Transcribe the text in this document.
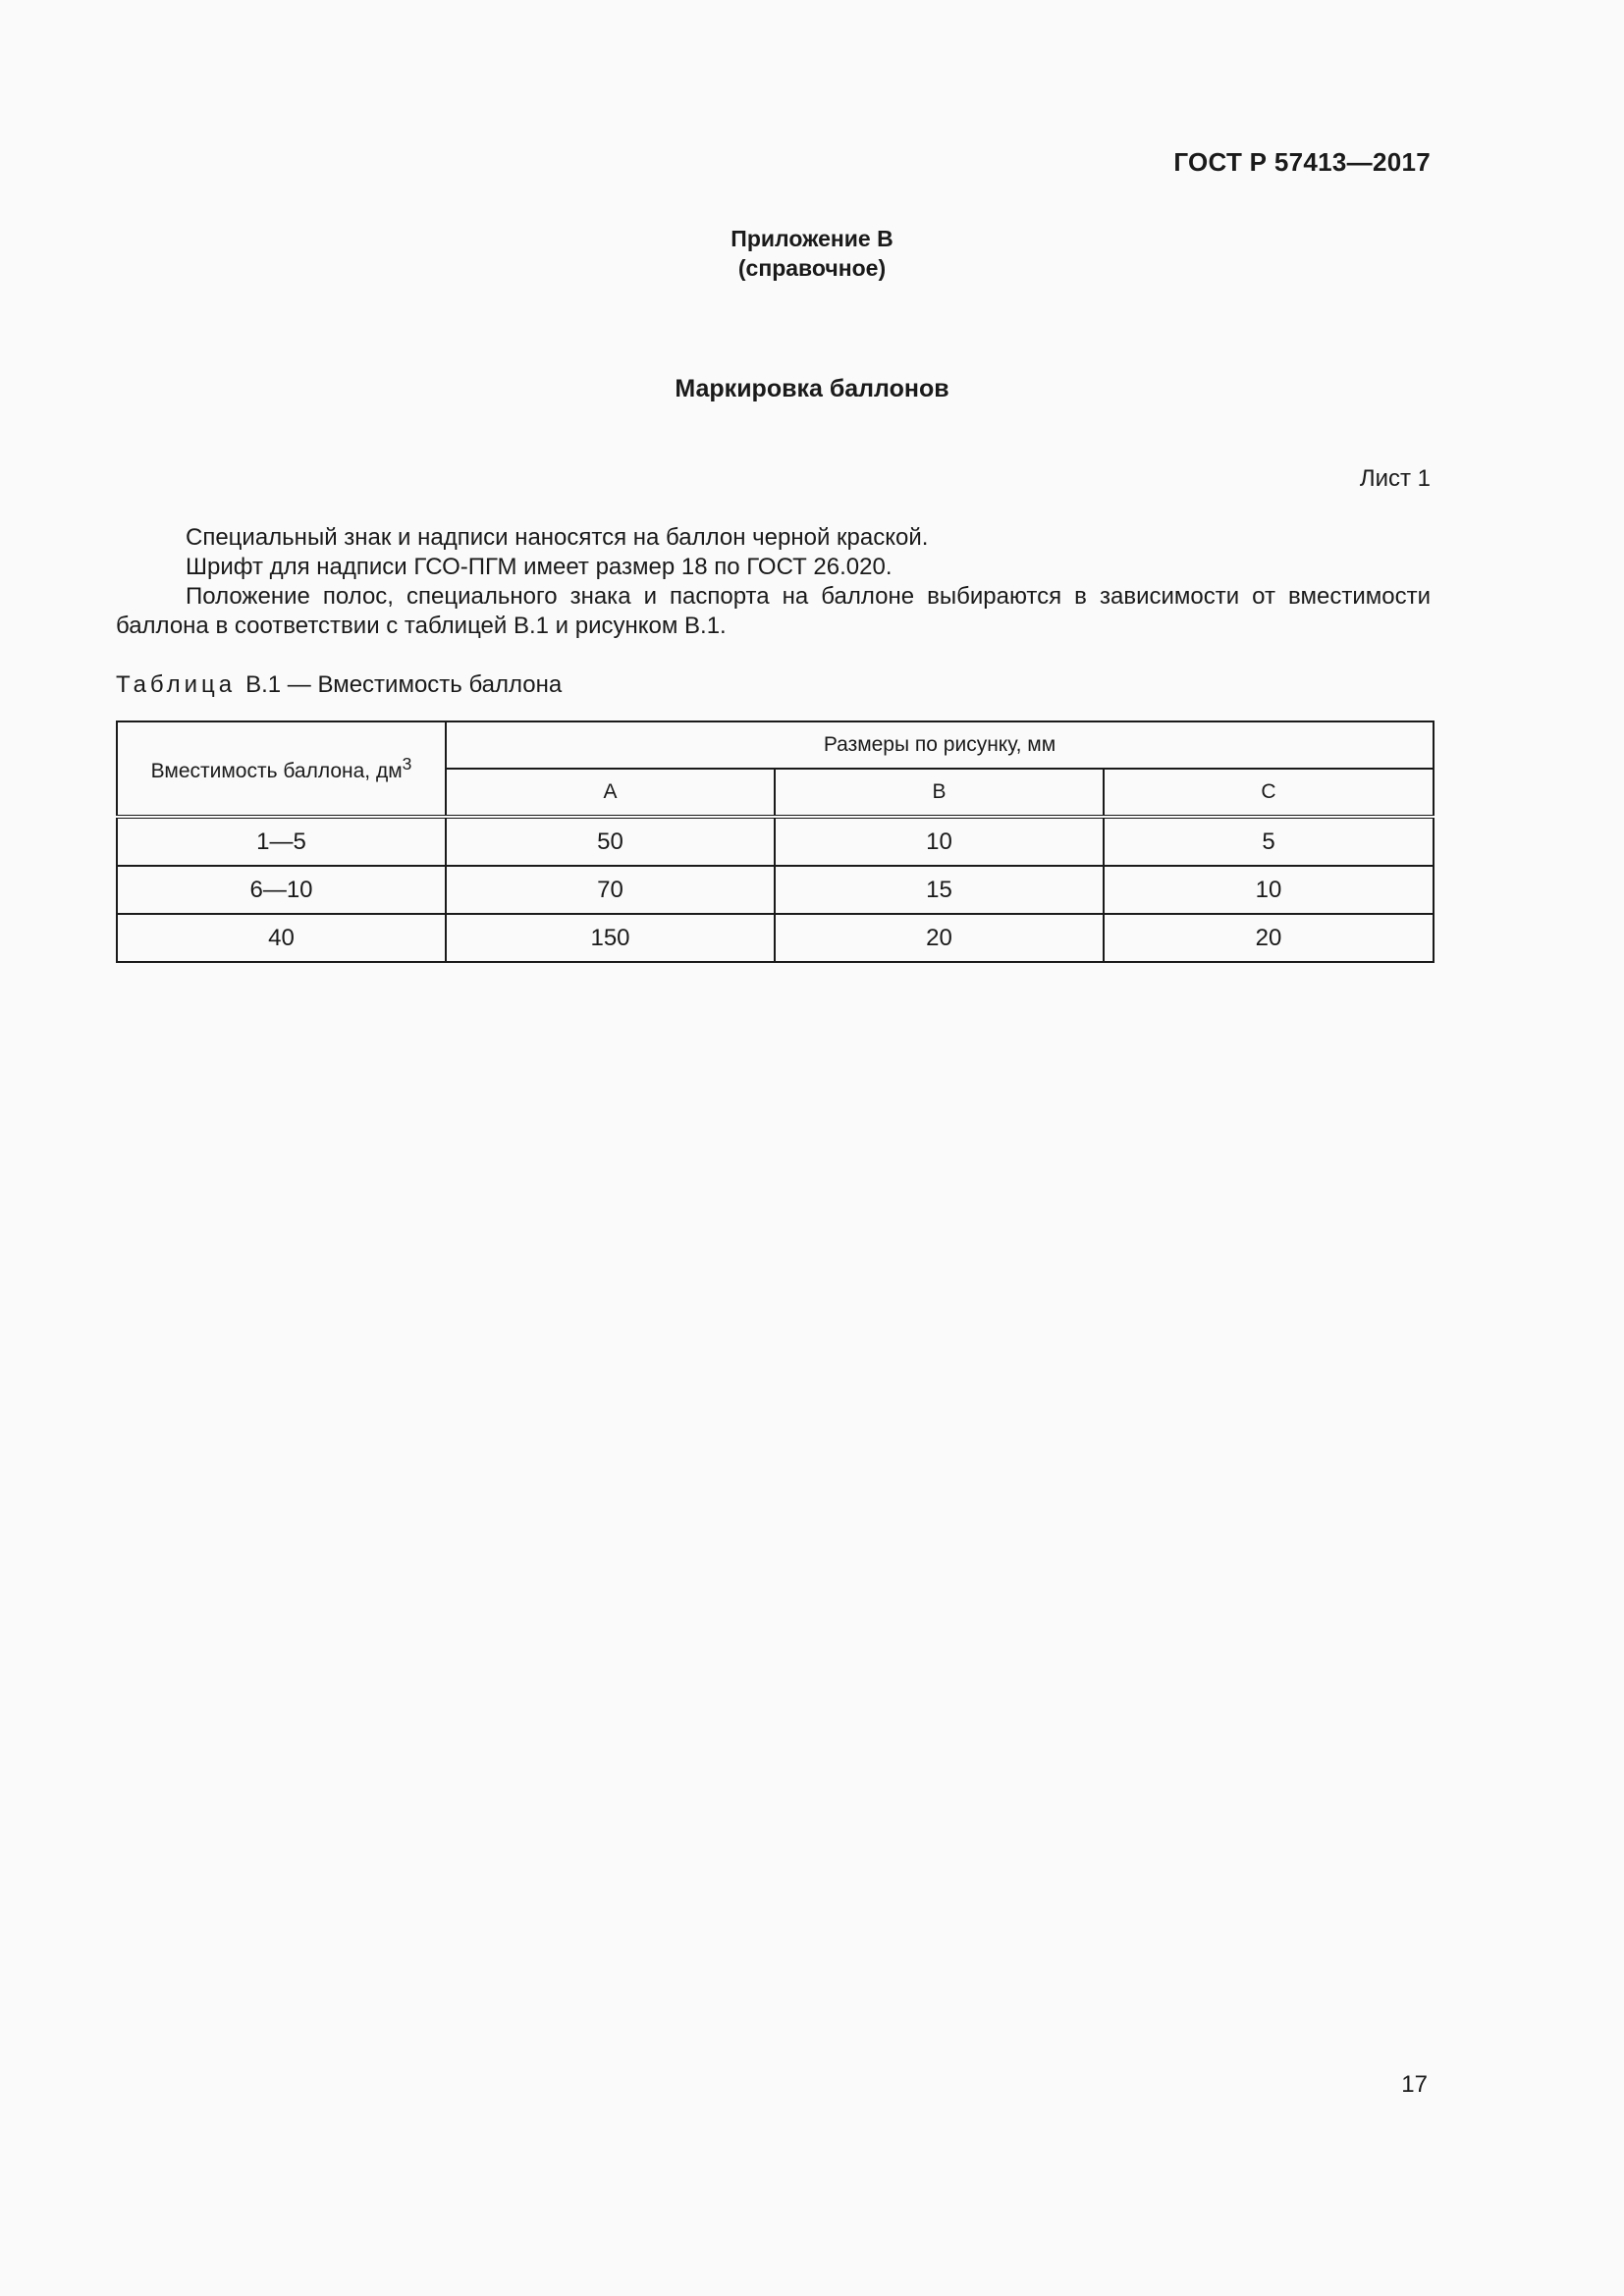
ГОСТ Р 57413—2017
Приложение В
(справочное)
Маркировка баллонов
Лист 1

Специальный знак и надписи наносятся на баллон черной краской.

Шрифт для надписи ГСО-ПГМ имеет размер 18 по ГОСТ 26.020.

Положение полос, специального знака и паспорта на баллоне выбираются в зависимости от вместимости баллона в соответствии с таблицей В.1 и рисунком В.1.

Таблица В.1 — Вместимость баллона
Вместимость баллона, $дм^3$	Размеры по рисунку, мм		
	А	В	С
1—5	50	10	5
6—10	70	15	10
40	150	20	20
17
